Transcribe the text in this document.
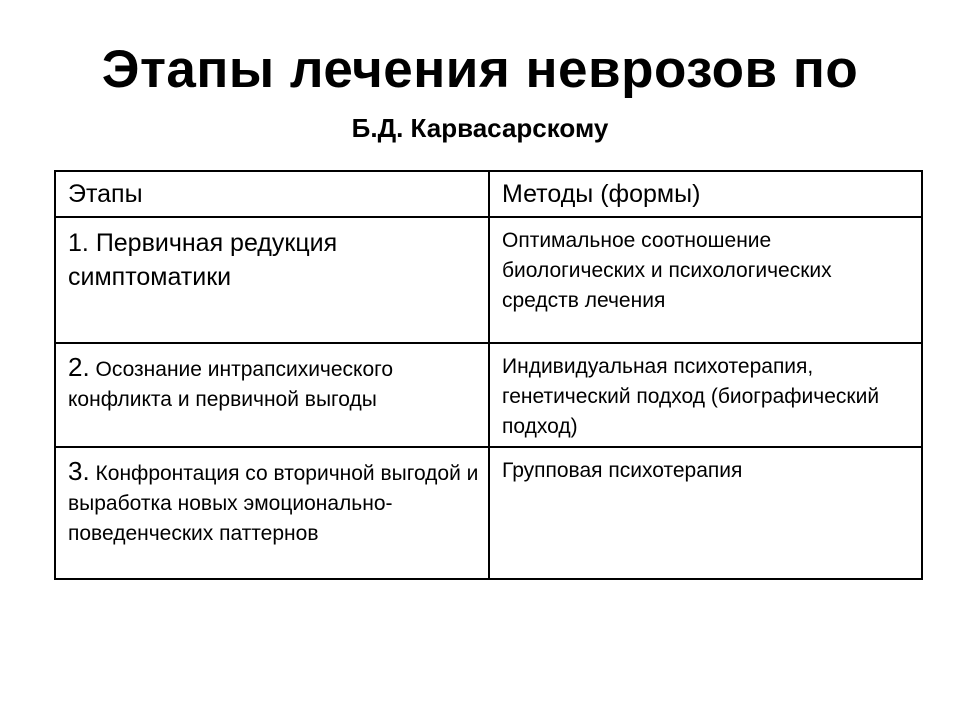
Этапы лечения неврозов по
Б.Д. Карвасарскому
Этапы	Методы (формы)

1. Первичная редукция симптоматики	Оптимальное соотношение биологических и психологических средств лечения

2. Осознание интрапсихического конфликта и первичной выгоды	Индивидуальная психотерапия, генетический подход (биографический подход)

3. Конфронтация со вторичной выгодой и выработка новых эмоционально-поведенческих паттернов	Групповая психотерапия
